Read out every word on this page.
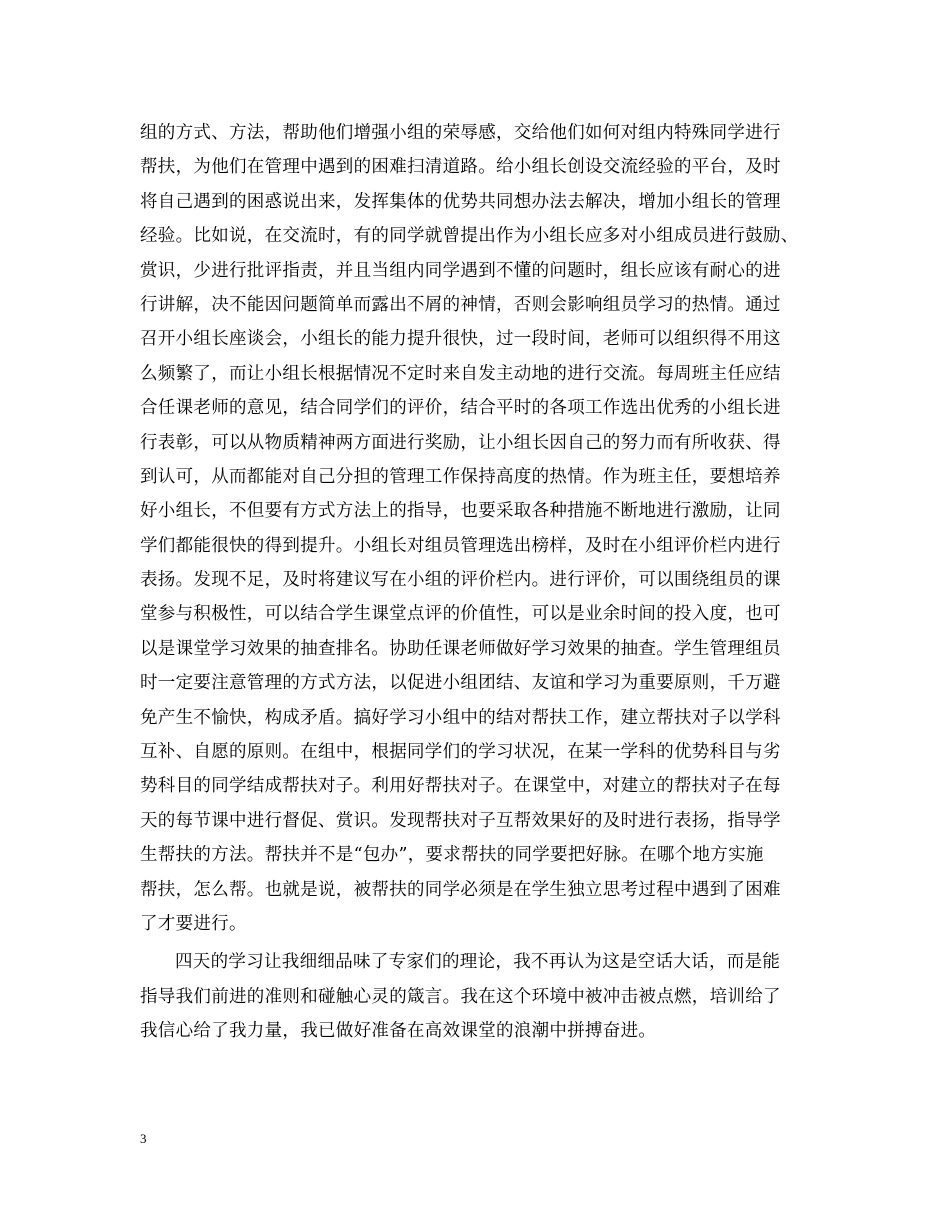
组的方式、方法，帮助他们增强小组的荣辱感，交给他们如何对组内特殊同学进行
帮扶，为他们在管理中遇到的困难扫清道路。给小组长创设交流经验的平台，及时
将自己遇到的困惑说出来，发挥集体的优势共同想办法去解决，增加小组长的管理
经验。比如说，在交流时，有的同学就曾提出作为小组长应多对小组成员进行鼓励、
赏识，少进行批评指责，并且当组内同学遇到不懂的问题时，组长应该有耐心的进
行讲解，决不能因问题简单而露出不屑的神情，否则会影响组员学习的热情。通过
召开小组长座谈会，小组长的能力提升很快，过一段时间，老师可以组织得不用这
么频繁了，而让小组长根据情况不定时来自发主动地的进行交流。每周班主任应结
合任课老师的意见，结合同学们的评价，结合平时的各项工作选出优秀的小组长进
行表彰，可以从物质精神两方面进行奖励，让小组长因自己的努力而有所收获、得
到认可，从而都能对自己分担的管理工作保持高度的热情。作为班主任，要想培养
好小组长，不但要有方式方法上的指导，也要采取各种措施不断地进行激励，让同
学们都能很快的得到提升。小组长对组员管理选出榜样，及时在小组评价栏内进行
表扬。发现不足，及时将建议写在小组的评价栏内。进行评价，可以围绕组员的课
堂参与积极性，可以结合学生课堂点评的价值性，可以是业余时间的投入度，也可
以是课堂学习效果的抽查排名。协助任课老师做好学习效果的抽查。学生管理组员
时一定要注意管理的方式方法，以促进小组团结、友谊和学习为重要原则，千万避
免产生不愉快，构成矛盾。搞好学习小组中的结对帮扶工作，建立帮扶对子以学科
互补、自愿的原则。在组中，根据同学们的学习状况，在某一学科的优势科目与劣
势科目的同学结成帮扶对子。利用好帮扶对子。在课堂中，对建立的帮扶对子在每
天的每节课中进行督促、赏识。发现帮扶对子互帮效果好的及时进行表扬，指导学
生帮扶的方法。帮扶并不是“包办”，要求帮扶的同学要把好脉。在哪个地方实施
帮扶，怎么帮。也就是说，被帮扶的同学必须是在学生独立思考过程中遇到了困难
了才要进行。
四天的学习让我细细品味了专家们的理论，我不再认为这是空话大话，而是能
指导我们前进的准则和碰触心灵的箴言。我在这个环境中被冲击被点燃，培训给了
我信心给了我力量，我已做好准备在高效课堂的浪潮中拼搏奋进。
3
